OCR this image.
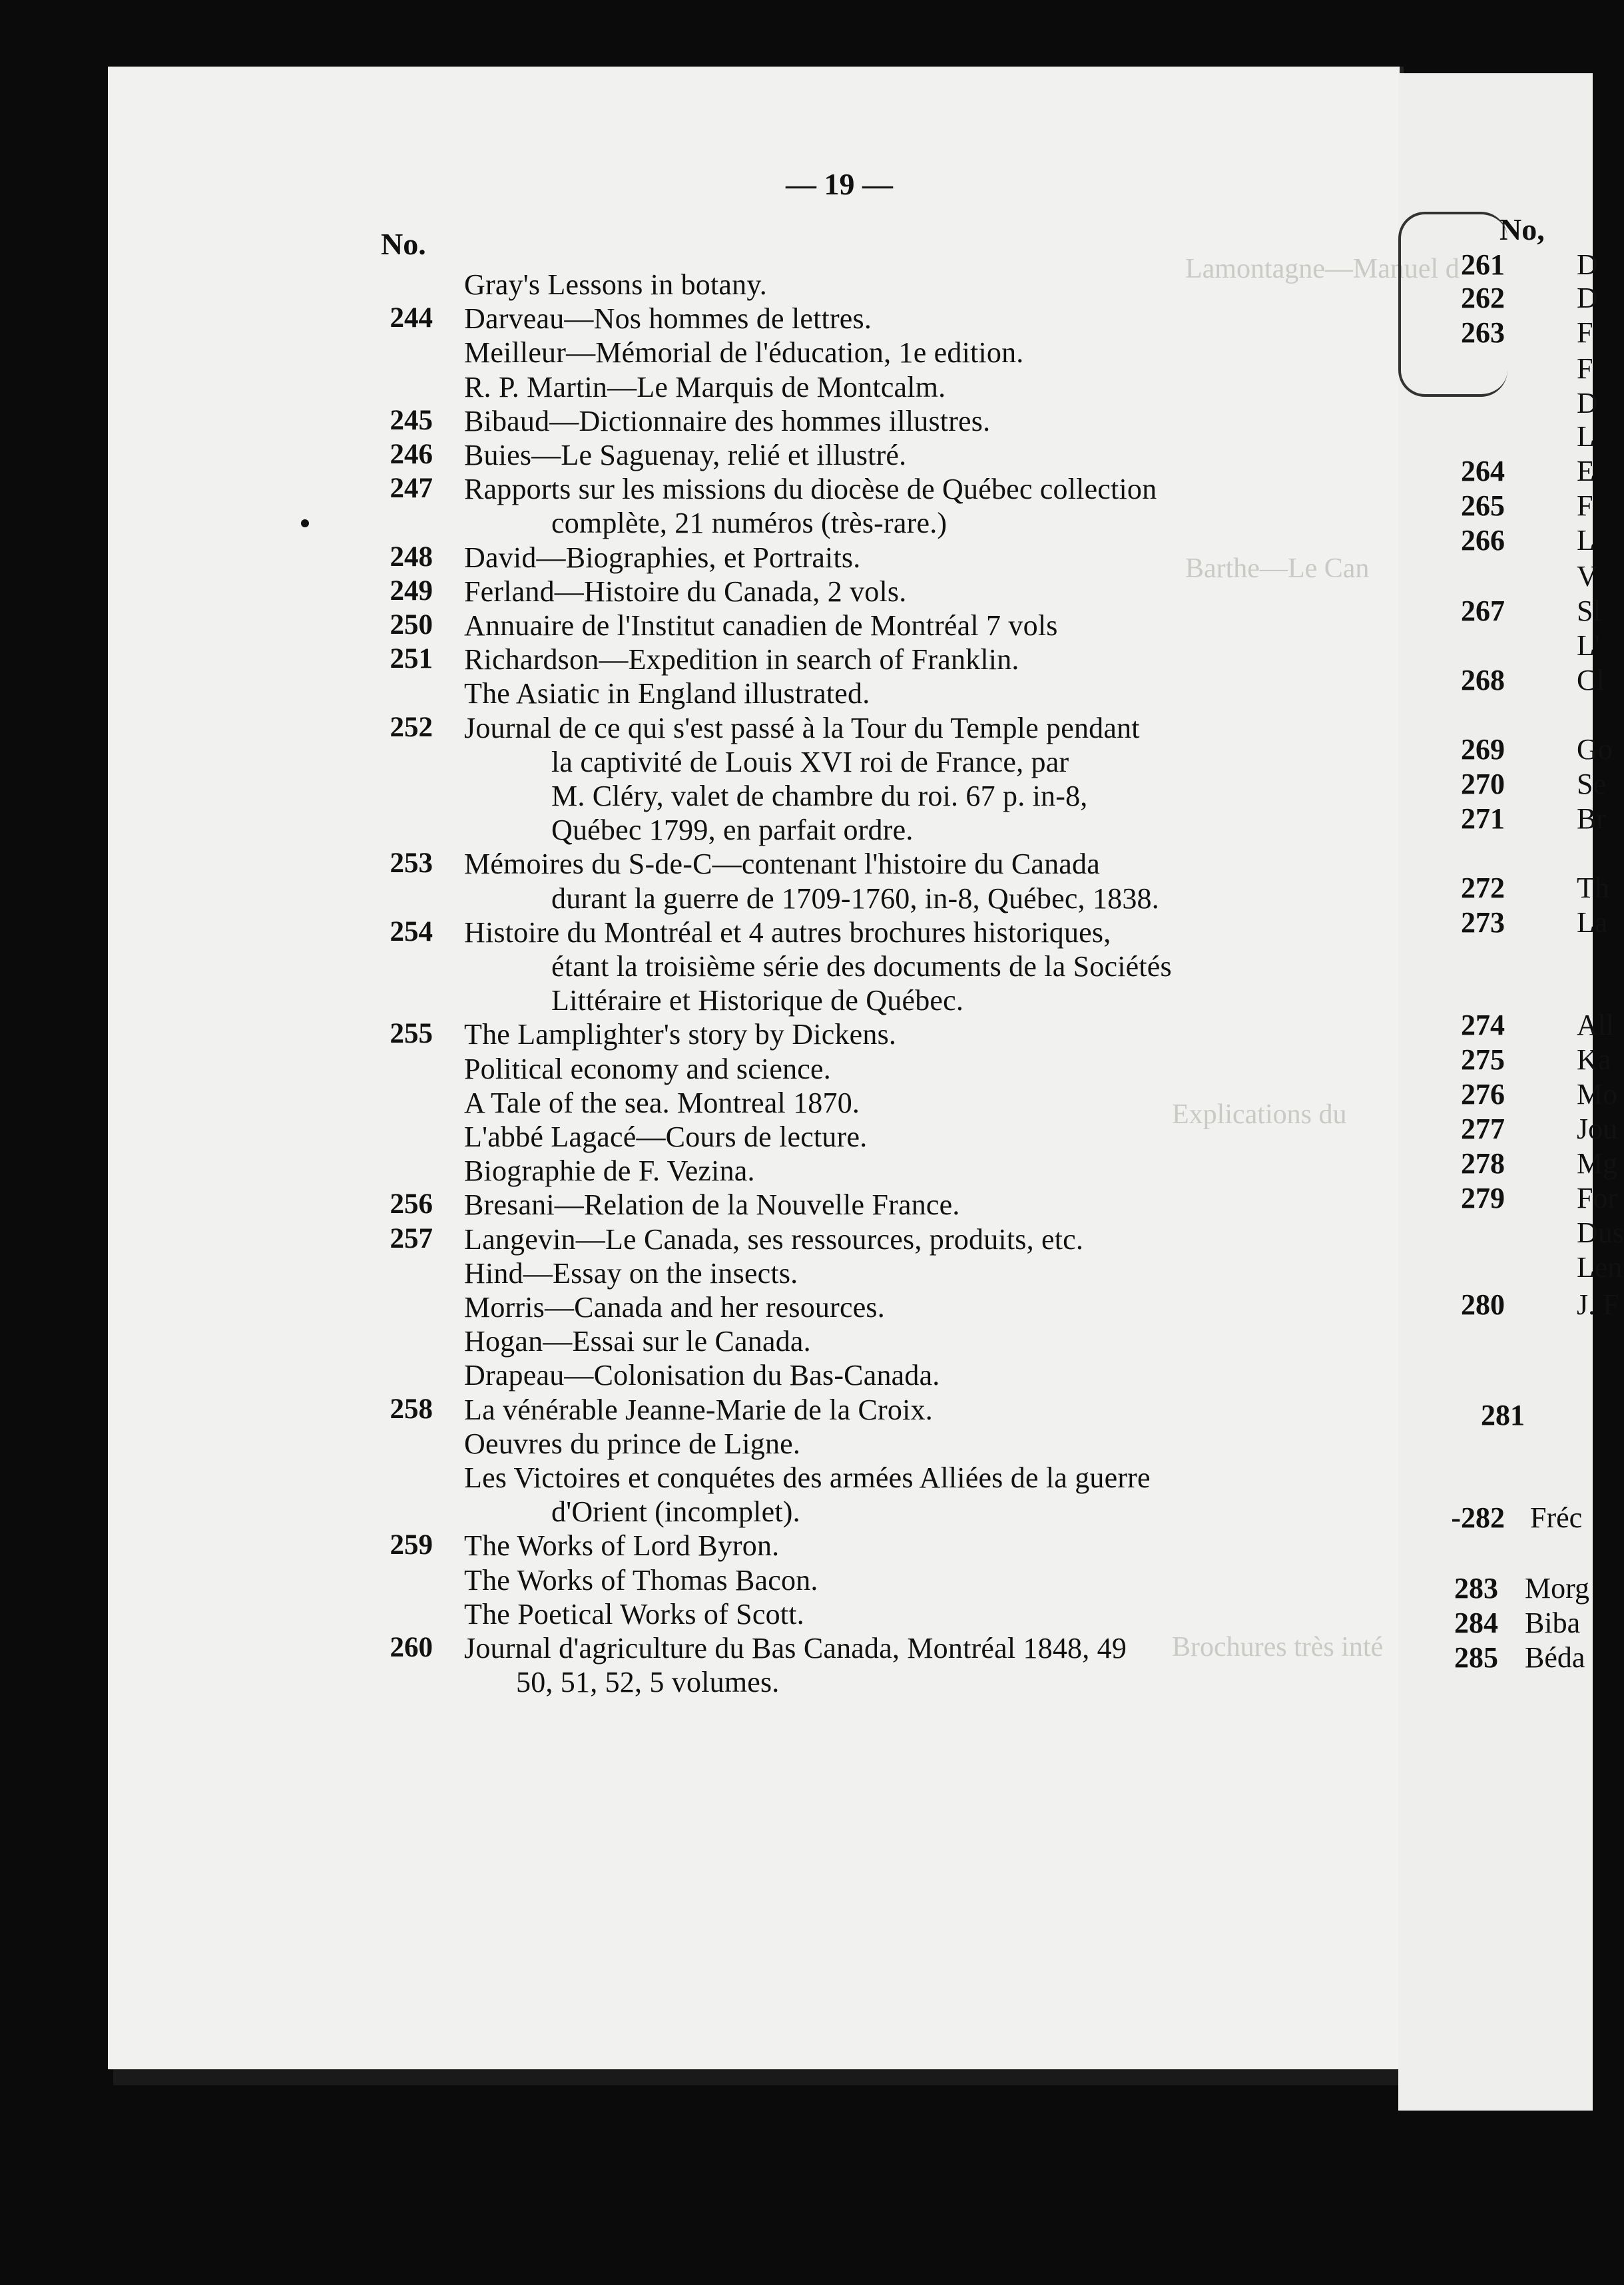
Lamontagne—Manuel d
Barthe—Le Can
Explications du
Brochures très inté
— 19 —
No.
Gray's Lessons in botany.
244 Darveau—Nos hommes de lettres.
Meilleur—Mémorial de l'éducation, 1e edition.
R. P. Martin—Le Marquis de Montcalm.
245 Bibaud—Dictionnaire des hommes illustres.
246 Buies—Le Saguenay, relié et illustré.
247 Rapports sur les missions du diocèse de Québec collection
complète, 21 numéros (très-rare.)
248 David—Biographies, et Portraits.
249 Ferland—Histoire du Canada, 2 vols.
250 Annuaire de l'Institut canadien de Montréal 7 vols
251 Richardson—Expedition in search of Franklin.
The Asiatic in England illustrated.
252 Journal de ce qui s'est passé à la Tour du Temple pendant
la captivité de Louis XVI roi de France, par
M. Cléry, valet de chambre du roi. 67 p. in-8,
Québec 1799, en parfait ordre.
253 Mémoires du S-de-C—contenant l'histoire du Canada
durant la guerre de 1709-1760, in-8, Québec, 1838.
254 Histoire du Montréal et 4 autres brochures historiques,
étant la troisième série des documents de la Sociétés
Littéraire et Historique de Québec.
255 The Lamplighter's story by Dickens.
Political economy and science.
A Tale of the sea. Montreal 1870.
L'abbé Lagacé—Cours de lecture.
Biographie de F. Vezina.
256 Bresani—Relation de la Nouvelle France.
257 Langevin—Le Canada, ses ressources, produits, etc.
Hind—Essay on the insects.
Morris—Canada and her resources.
Hogan—Essai sur le Canada.
Drapeau—Colonisation du Bas-Canada.
258 La vénérable Jeanne-Marie de la Croix.
Oeuvres du prince de Ligne.
Les Victoires et conquétes des armées Alliées de la guerre
d'Orient (incomplet).
259 The Works of Lord Byron.
The Works of Thomas Bacon.
The Poetical Works of Scott.
260 Journal d'agriculture du Bas Canada, Montréal 1848, 49
50, 51, 52, 5 volumes.
No,
261 D
262 D
263 F
F
D
L
264 E
265 F
266 L
V
267 Sl
L'
268 Cl
269 Go
270 Se
271 Br
272 Th
273 La
274 All
275 Ka
276 Mo
277 Jou
278 Mg
279 For
Dus
Len
280 J. F
281
-282 Fréc
283 Morg
284 Biba
285 Béda
